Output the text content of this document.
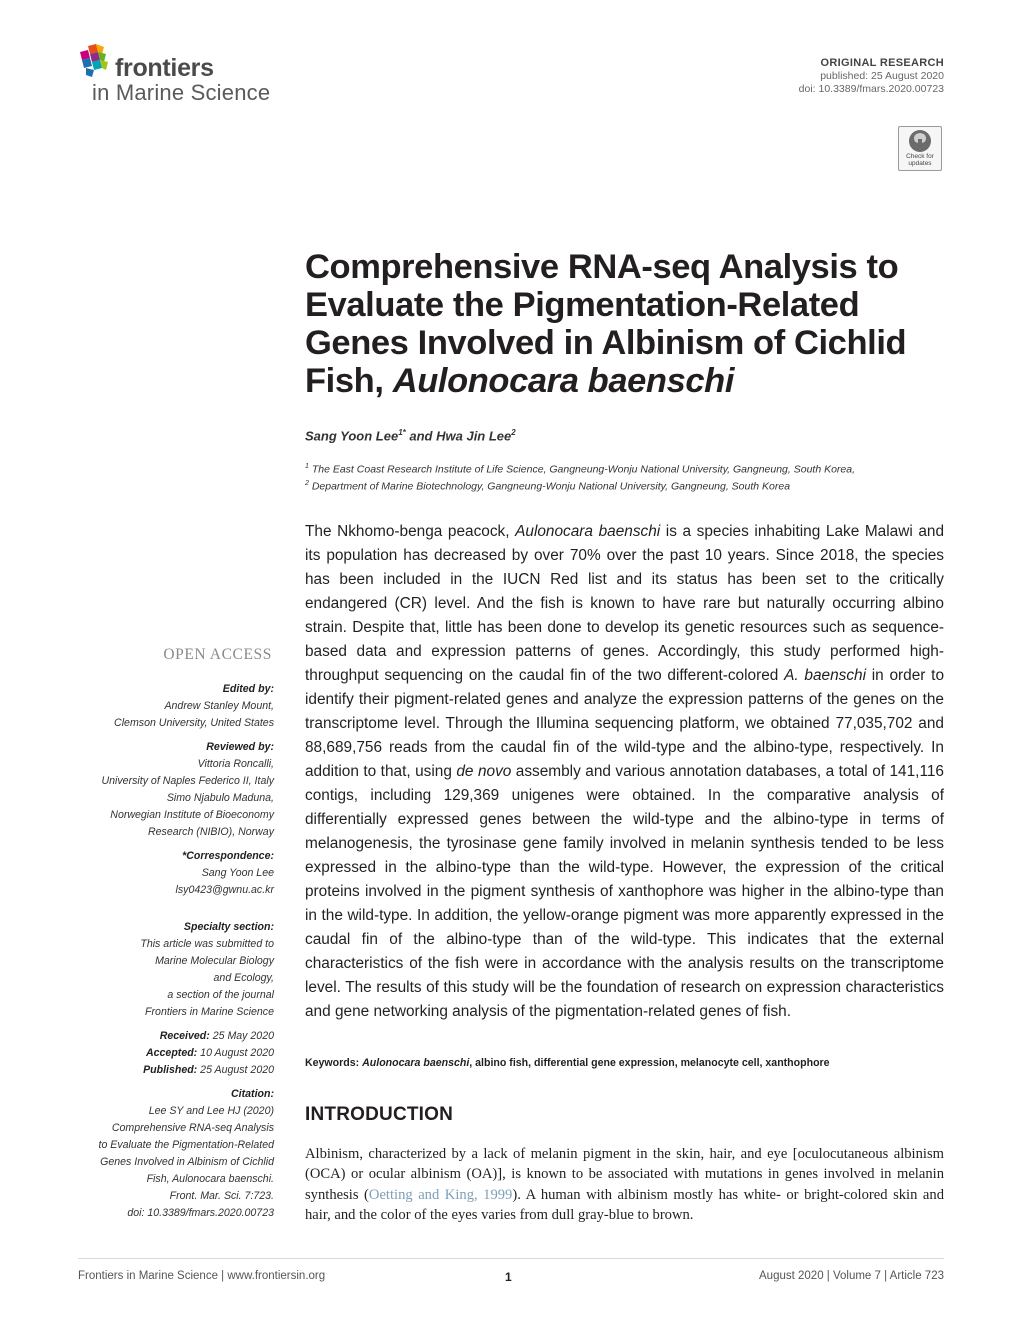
frontiers
in Marine Science
ORIGINAL RESEARCH
published: 25 August 2020
doi: 10.3389/fmars.2020.00723
Check for
updates
Comprehensive RNA-seq Analysis to Evaluate the Pigmentation-Related Genes Involved in Albinism of Cichlid Fish, Aulonocara baenschi
Sang Yoon Lee$^{1*}$ and Hwa Jin Lee$^2$
$^1$ The East Coast Research Institute of Life Science, Gangneung-Wonju National University, Gangneung, South Korea,
$^2$ Department of Marine Biotechnology, Gangneung-Wonju National University, Gangneung, South Korea

The Nkhomo-benga peacock, Aulonocara baenschi is a species inhabiting Lake Malawi and its population has decreased by over 70% over the past 10 years. Since 2018, the species has been included in the IUCN Red list and its status has been set to the critically endangered (CR) level. And the fish is known to have rare but naturally occurring albino strain. Despite that, little has been done to develop its genetic resources such as sequence-based data and expression patterns of genes. Accordingly, this study performed high-throughput sequencing on the caudal fin of the two different-colored A. baenschi in order to identify their pigment-related genes and analyze the expression patterns of the genes on the transcriptome level. Through the Illumina sequencing platform, we obtained 77,035,702 and 88,689,756 reads from the caudal fin of the wild-type and the albino-type, respectively. In addition to that, using de novo assembly and various annotation databases, a total of 141,116 contigs, including 129,369 unigenes were obtained. In the comparative analysis of differentially expressed genes between the wild-type and the albino-type in terms of melanogenesis, the tyrosinase gene family involved in melanin synthesis tended to be less expressed in the albino-type than the wild-type. However, the expression of the critical proteins involved in the pigment synthesis of xanthophore was higher in the albino-type than in the wild-type. In addition, the yellow-orange pigment was more apparently expressed in the caudal fin of the albino-type than of the wild-type. This indicates that the external characteristics of the fish were in accordance with the analysis results on the transcriptome level. The results of this study will be the foundation of research on expression characteristics and gene networking analysis of the pigmentation-related genes of fish.

Keywords: Aulonocara baenschi, albino fish, differential gene expression, melanocyte cell, xanthophore
INTRODUCTION

Albinism, characterized by a lack of melanin pigment in the skin, hair, and eye [oculocutaneous albinism (OCA) or ocular albinism (OA)], is known to be associated with mutations in genes involved in melanin synthesis (Oetting and King, 1999). A human with albinism mostly has white- or bright-colored skin and hair, and the color of the eyes varies from dull gray-blue to brown.

OPEN ACCESS
Edited by:
Andrew Stanley Mount,
Clemson University, United States
Reviewed by:
Vittoria Roncalli,
University of Naples Federico II, Italy
Simo Njabulo Maduna,
Norwegian Institute of Bioeconomy
Research (NIBIO), Norway
*Correspondence:
Sang Yoon Lee
lsy0423@gwnu.ac.kr
Specialty section:
This article was submitted to
Marine Molecular Biology
and Ecology,
a section of the journal
Frontiers in Marine Science
Received: 25 May 2020
Accepted: 10 August 2020
Published: 25 August 2020
Citation:
Lee SY and Lee HJ (2020)
Comprehensive RNA-seq Analysis
to Evaluate the Pigmentation-Related
Genes Involved in Albinism of Cichlid
Fish, Aulonocara baenschi.
Front. Mar. Sci. 7:723.
doi: 10.3389/fmars.2020.00723
Frontiers in Marine Science | www.frontiersin.org	1	August 2020 | Volume 7 | Article 723
